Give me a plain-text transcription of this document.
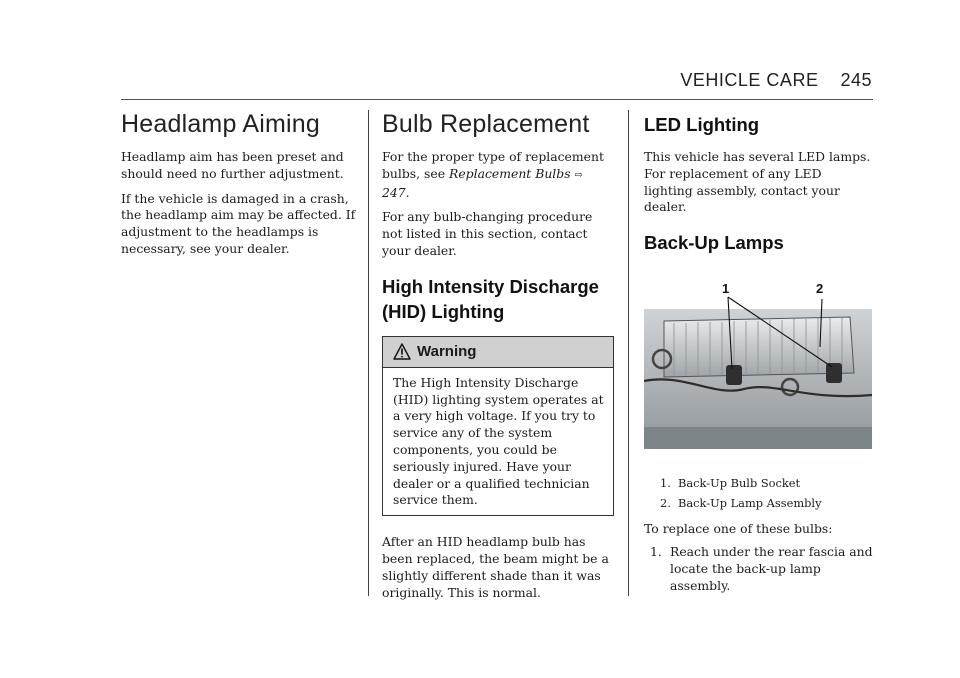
VEHICLE CARE 245
Headlamp Aiming

Headlamp aim has been preset and should need no further adjustment.

If the vehicle is damaged in a crash, the headlamp aim may be affected. If adjustment to the headlamps is necessary, see your dealer.

Bulb Replacement

For the proper type of replacement bulbs, see Replacement Bulbs ⇨ 247.

For any bulb-changing procedure not listed in this section, contact your dealer.

High Intensity Discharge (HID) Lighting
Warning

The High Intensity Discharge (HID) lighting system operates at a very high voltage. If you try to service any of the system components, you could be seriously injured. Have your dealer or a qualified technician service them.

After an HID headlamp bulb has been replaced, the beam might be a slightly different shade than it was originally. This is normal.

LED Lighting

This vehicle has several LED lamps. For replacement of any LED lighting assembly, contact your dealer.

Back-Up Lamps
1	2
1. Back-Up Bulb Socket
2. Back-Up Lamp Assembly

To replace one of these bulbs:

1. Reach under the rear fascia and locate the back-up lamp assembly.
